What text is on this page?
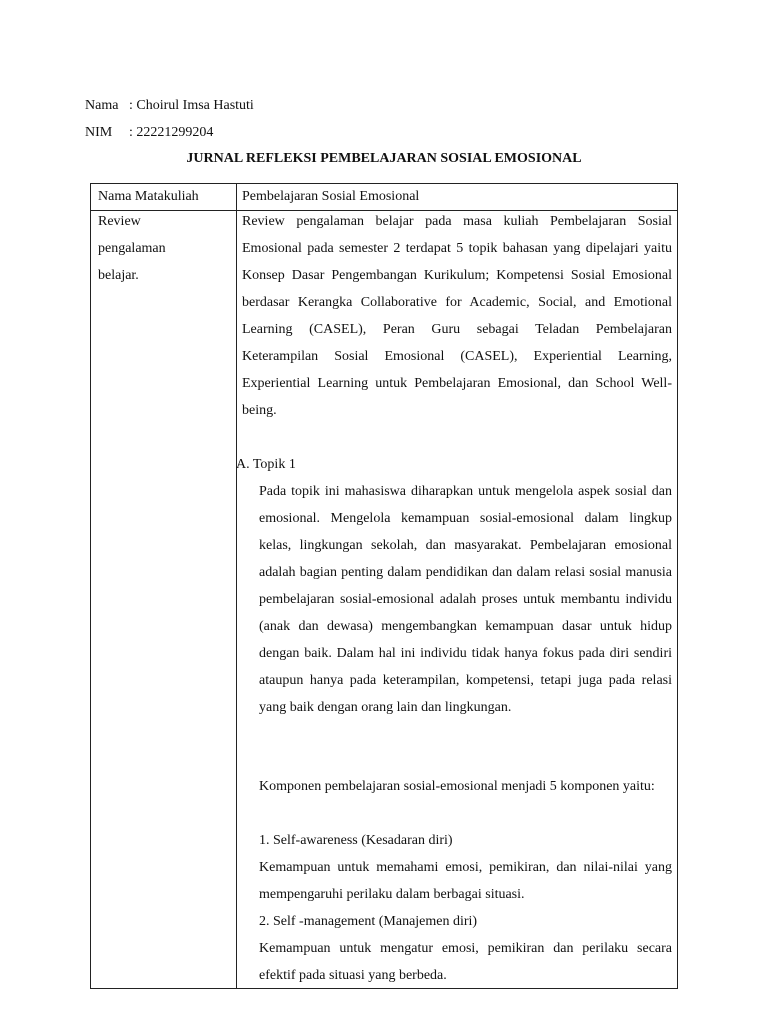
Nama : Choirul Imsa Hastuti
NIM : 22221299204
JURNAL REFLEKSI PEMBELAJARAN SOSIAL EMOSIONAL
Nama Matakuliah	Pembelajaran Sosial Emosional
Review pengalaman belajar.
Review pengalaman belajar pada masa kuliah Pembelajaran Sosial Emosional pada semester 2 terdapat 5 topik bahasan yang dipelajari yaitu Konsep Dasar Pengembangan Kurikulum; Kompetensi Sosial Emosional berdasar Kerangka Collaborative for Academic, Social, and Emotional Learning (CASEL), Peran Guru sebagai Teladan Pembelajaran Keterampilan Sosial Emosional (CASEL), Experiential Learning, Experiential Learning untuk Pembelajaran Emosional, dan School Well-being.
A. Topik 1
Pada topik ini mahasiswa diharapkan untuk mengelola aspek sosial dan emosional. Mengelola kemampuan sosial-emosional dalam lingkup kelas, lingkungan sekolah, dan masyarakat. Pembelajaran emosional adalah bagian penting dalam pendidikan dan dalam relasi sosial manusia pembelajaran sosial-emosional adalah proses untuk membantu individu (anak dan dewasa) mengembangkan kemampuan dasar untuk hidup dengan baik. Dalam hal ini individu tidak hanya fokus pada diri sendiri ataupun hanya pada keterampilan, kompetensi, tetapi juga pada relasi yang baik dengan orang lain dan lingkungan.
Komponen pembelajaran sosial-emosional menjadi 5 komponen yaitu:
1. Self-awareness (Kesadaran diri)
Kemampuan untuk memahami emosi, pemikiran, dan nilai-nilai yang mempengaruhi perilaku dalam berbagai situasi.
2. Self -management (Manajemen diri)
Kemampuan untuk mengatur emosi, pemikiran dan perilaku secara efektif pada situasi yang berbeda.
